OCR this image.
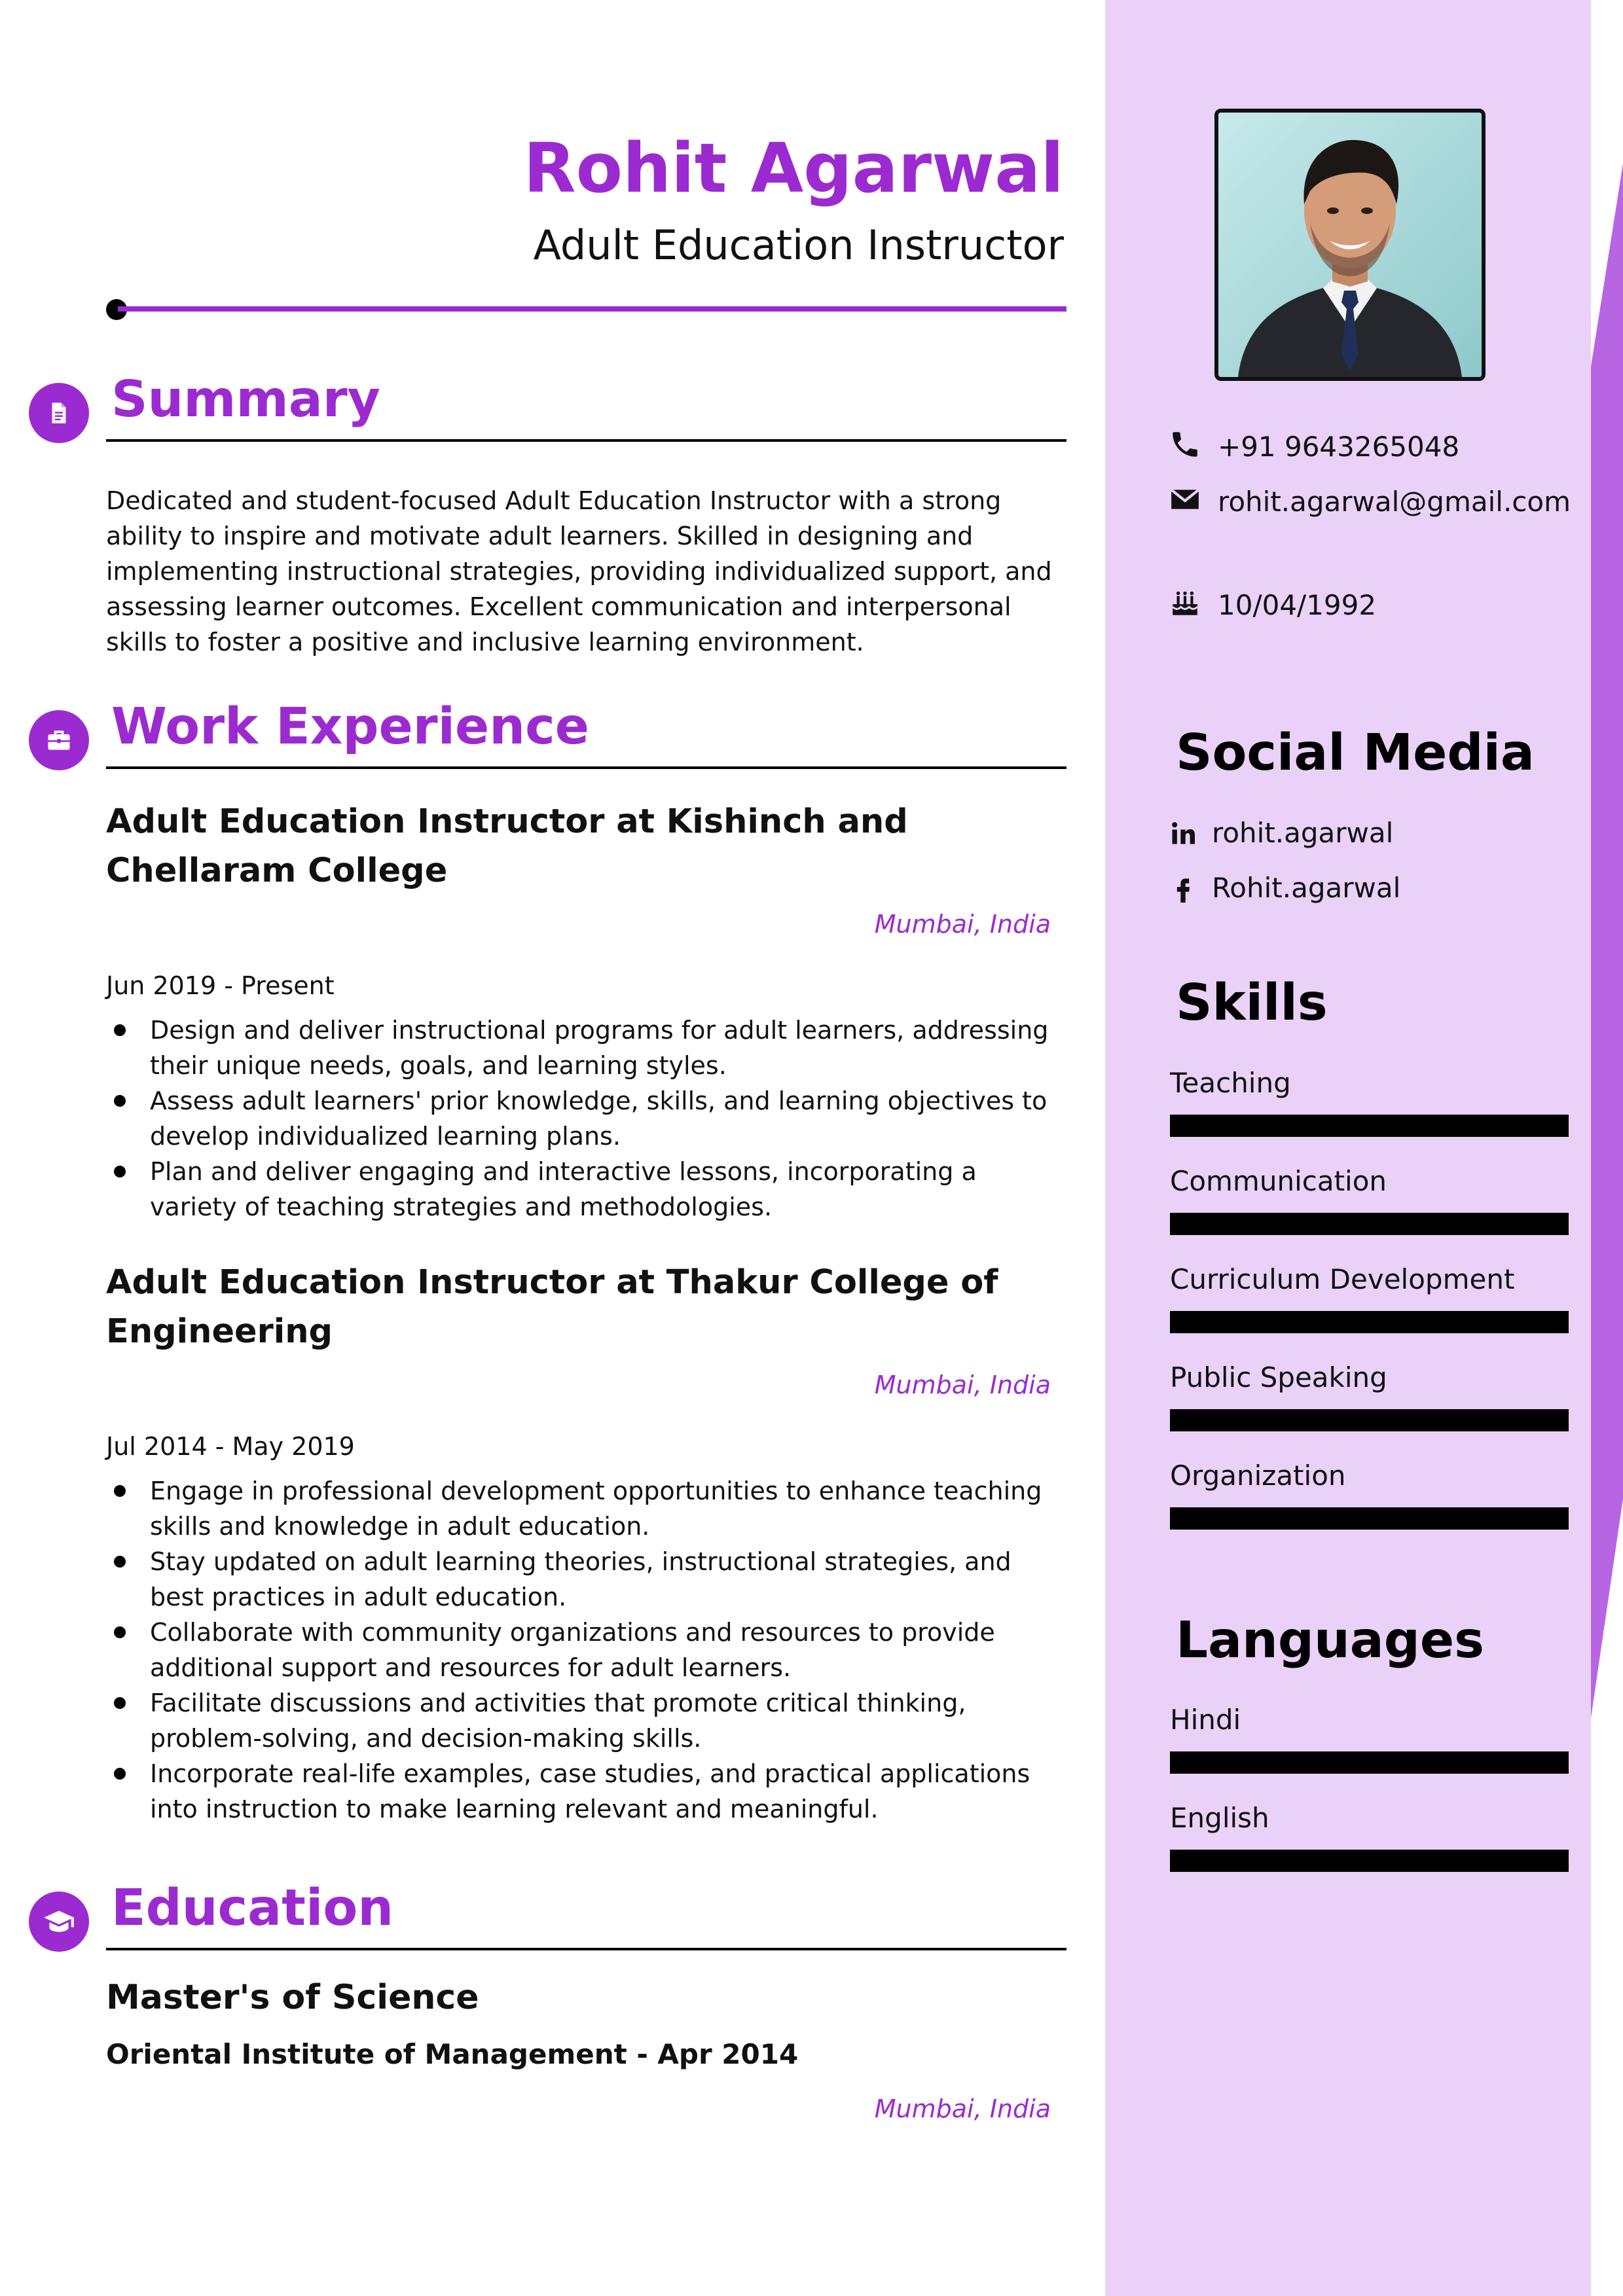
+91 9643265048
rohit.agarwal@gmail.com
10/04/1992
Social Media
rohit.agarwal
Rohit.agarwal
Skills
Teaching
Communication
Curriculum Development
Public Speaking
Organization
Languages
Hindi
English
Rohit Agarwal
Adult Education Instructor
Summary
Dedicated and student-focused Adult Education Instructor with a strong ability to inspire and motivate adult learners. Skilled in designing and implementing instructional strategies, providing individualized support, and assessing learner outcomes. Excellent communication and interpersonal skills to foster a positive and inclusive learning environment.
Work Experience
Adult Education Instructor at Kishinch and Chellaram College
Mumbai, India
Jun 2019 - Present
Design and deliver instructional programs for adult learners, addressing their unique needs, goals, and learning styles.
Assess adult learners' prior knowledge, skills, and learning objectives to develop individualized learning plans.
Plan and deliver engaging and interactive lessons, incorporating a variety of teaching strategies and methodologies.
Adult Education Instructor at Thakur College of Engineering
Mumbai, India
Jul 2014 - May 2019
Engage in professional development opportunities to enhance teaching skills and knowledge in adult education.
Stay updated on adult learning theories, instructional strategies, and best practices in adult education.
Collaborate with community organizations and resources to provide additional support and resources for adult learners.
Facilitate discussions and activities that promote critical thinking, problem-solving, and decision-making skills.
Incorporate real-life examples, case studies, and practical applications into instruction to make learning relevant and meaningful.
Education
Master's of Science
Oriental Institute of Management - Apr 2014
Mumbai, India
